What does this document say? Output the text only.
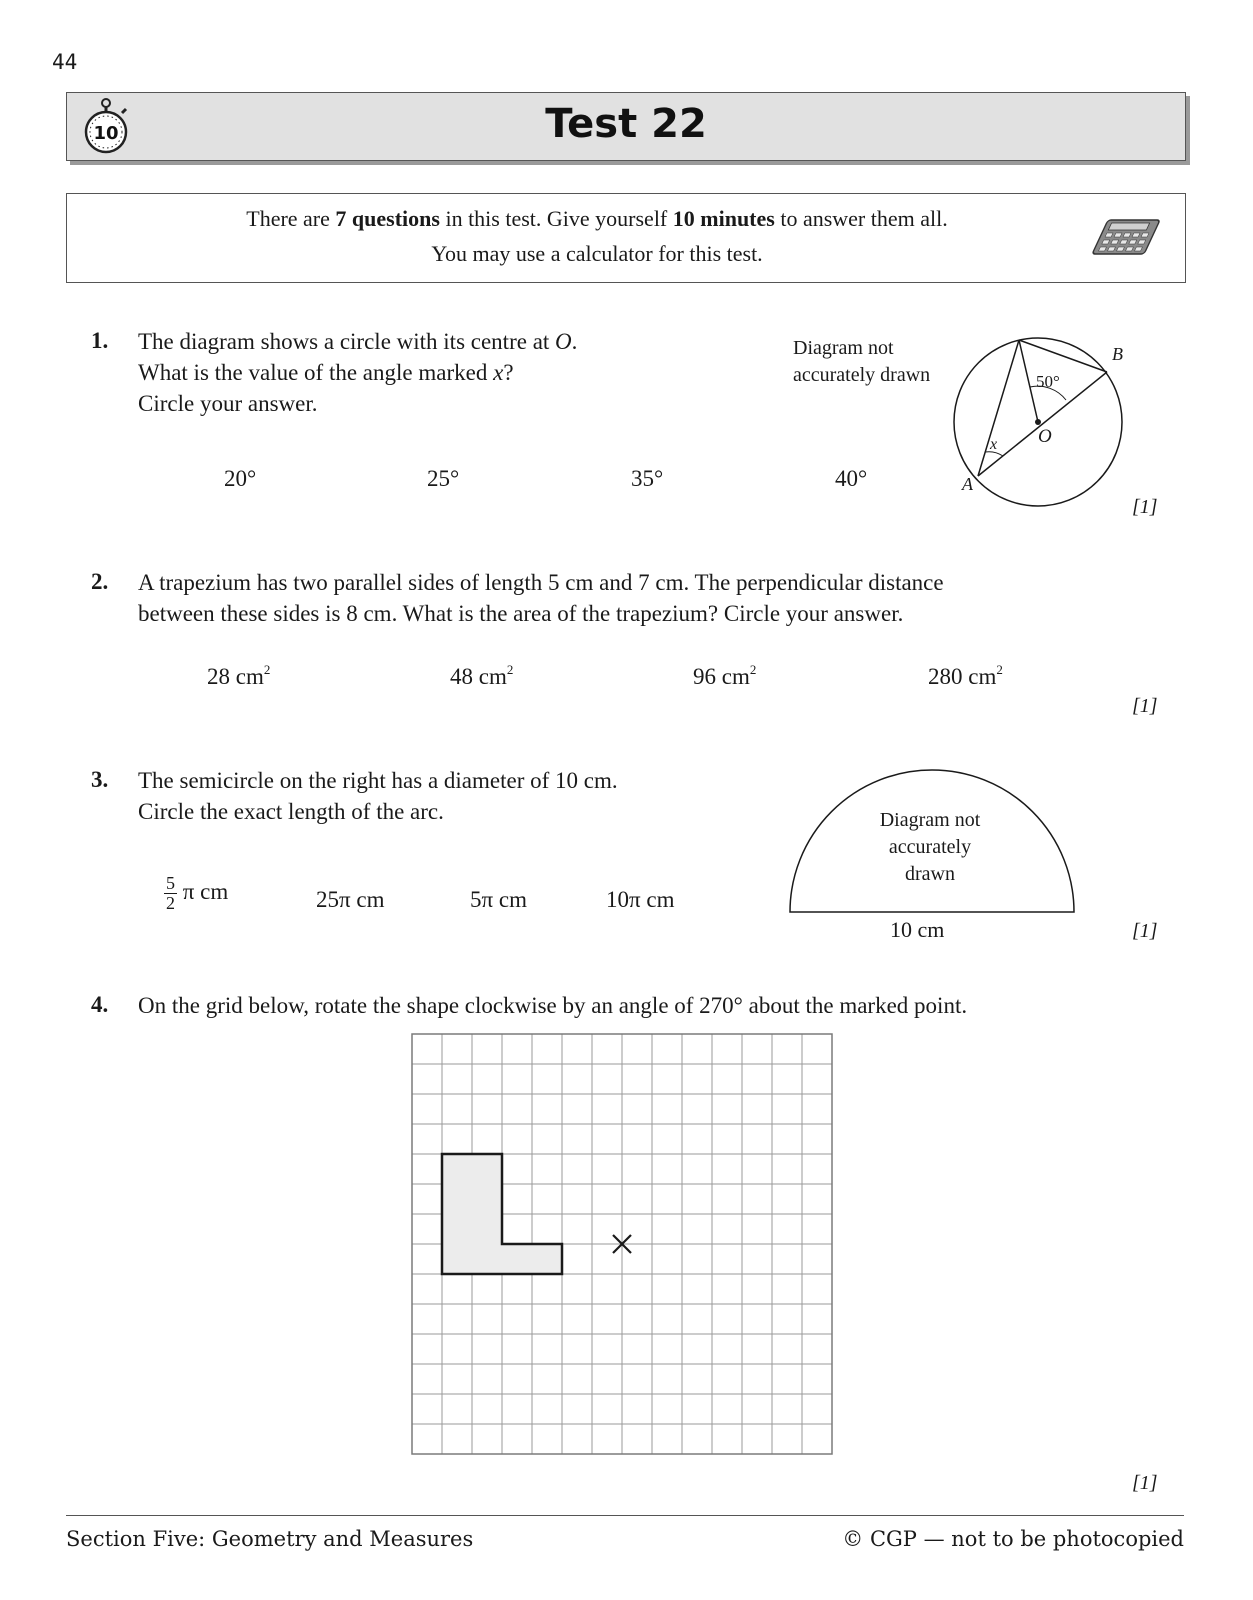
44
10	Test 22
There are 7 questions in this test. Give yourself 10 minutes to answer them all.
You may use a calculator for this test.
1. The diagram shows a circle with its centre at O.
What is the value of the angle marked x?
Circle your answer.
20°	25°	35°	40°
Diagram not
accurately drawn
B
A
O
50°
x
[1]
2. A trapezium has two parallel sides of length 5 cm and 7 cm. The perpendicular distance
between these sides is 8 cm. What is the area of the trapezium? Circle your answer.
28 $cm^2$	48 $cm^2$	96 $cm^2$	280 $cm^2$
[1]
3. The semicircle on the right has a diameter of 10 cm.
Circle the exact length of the arc.
$\frac{5}{2}$ π cm	25π cm	5π cm	10π cm
Diagram not
accurately
drawn
10 cm	[1]
4. On the grid below, rotate the shape clockwise by an angle of 270° about the marked point.
[1]
Section Five: Geometry and Measures	© CGP — not to be photocopied
